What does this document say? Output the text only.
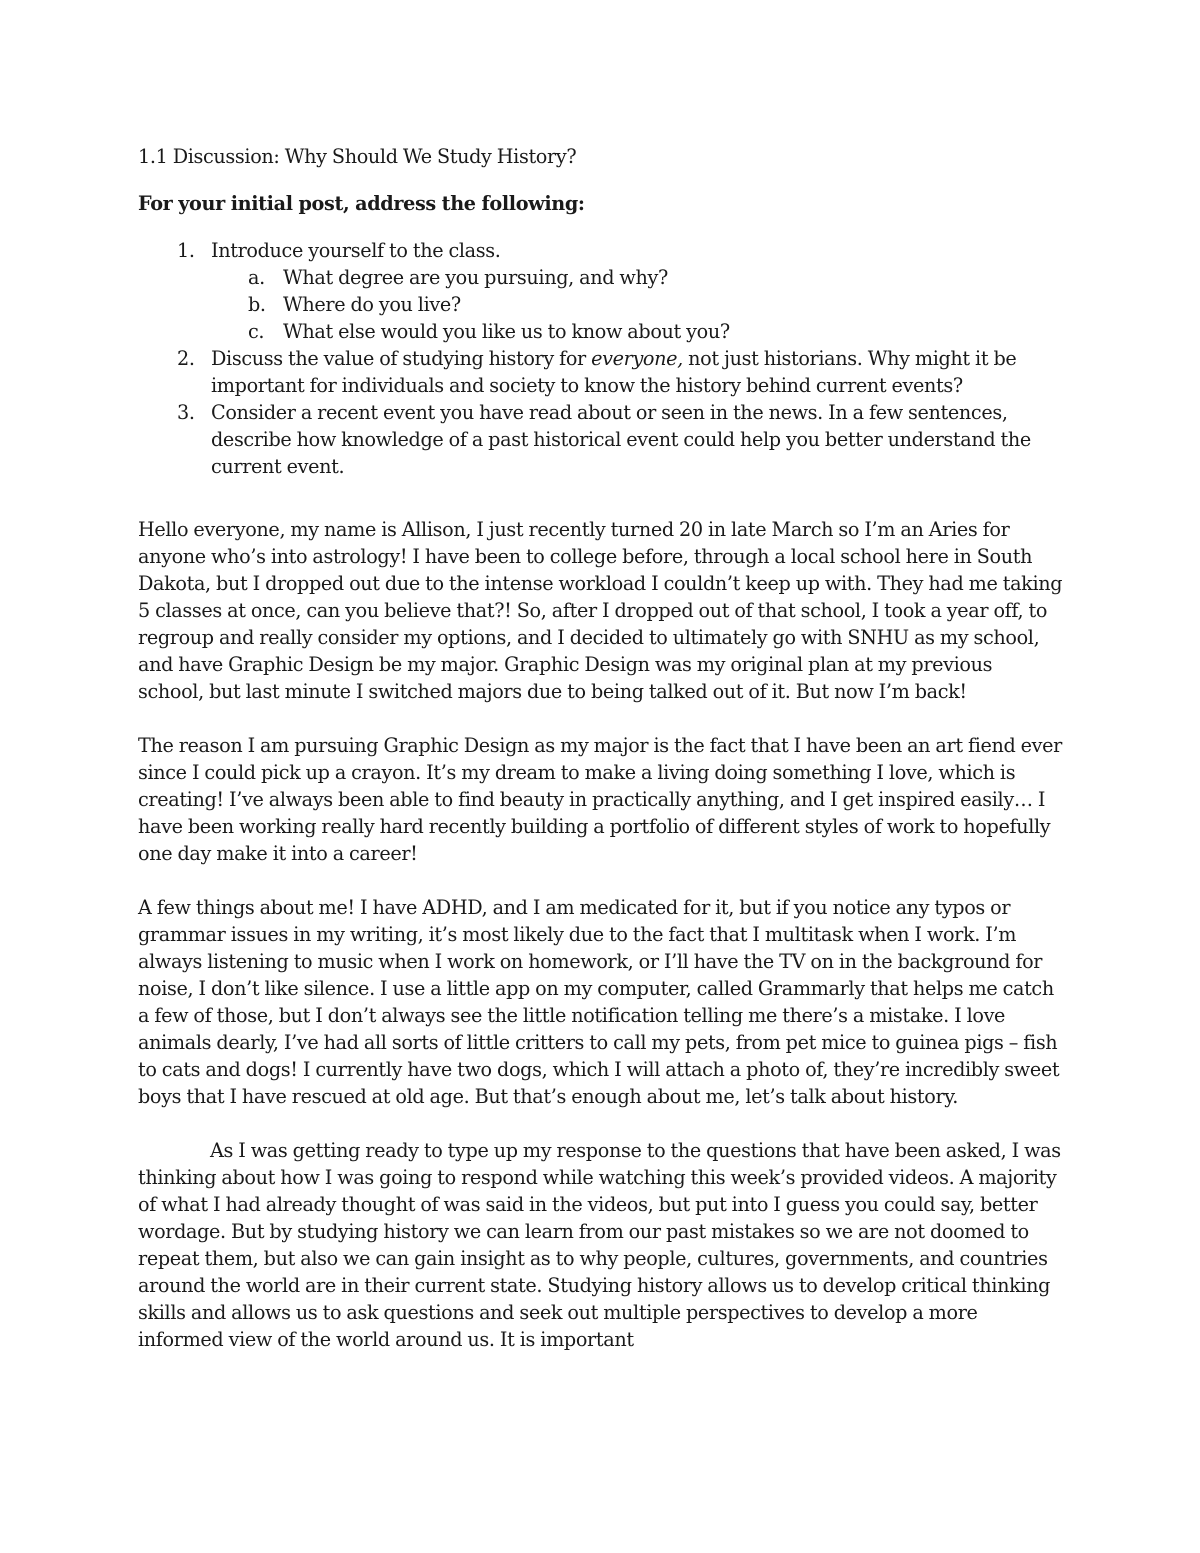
1.1 Discussion: Why Should We Study History?

For your initial post, address the following:

1. Introduce yourself to the class.
a. What degree are you pursuing, and why?
b. Where do you live?
c. What else would you like us to know about you?
2. Discuss the value of studying history for everyone, not just historians. Why might it be important for individuals and society to know the history behind current events?
3. Consider a recent event you have read about or seen in the news. In a few sentences, describe how knowledge of a past historical event could help you better understand the current event.

Hello everyone, my name is Allison, I just recently turned 20 in late March so I’m an Aries for anyone who’s into astrology! I have been to college before, through a local school here in South Dakota, but I dropped out due to the intense workload I couldn’t keep up with. They had me taking 5 classes at once, can you believe that?! So, after I dropped out of that school, I took a year off, to regroup and really consider my options, and I decided to ultimately go with SNHU as my school, and have Graphic Design be my major. Graphic Design was my original plan at my previous school, but last minute I switched majors due to being talked out of it. But now I’m back!

The reason I am pursuing Graphic Design as my major is the fact that I have been an art fiend ever since I could pick up a crayon. It’s my dream to make a living doing something I love, which is creating! I’ve always been able to find beauty in practically anything, and I get inspired easily… I have been working really hard recently building a portfolio of different styles of work to hopefully one day make it into a career!

A few things about me! I have ADHD, and I am medicated for it, but if you notice any typos or grammar issues in my writing, it’s most likely due to the fact that I multitask when I work. I’m always listening to music when I work on homework, or I’ll have the TV on in the background for noise, I don’t like silence. I use a little app on my computer, called Grammarly that helps me catch a few of those, but I don’t always see the little notification telling me there’s a mistake. I love animals dearly, I’ve had all sorts of little critters to call my pets, from pet mice to guinea pigs – fish to cats and dogs! I currently have two dogs, which I will attach a photo of, they’re incredibly sweet boys that I have rescued at old age. But that’s enough about me, let’s talk about history.

As I was getting ready to type up my response to the questions that have been asked, I was thinking about how I was going to respond while watching this week’s provided videos. A majority of what I had already thought of was said in the videos, but put into I guess you could say, better wordage. But by studying history we can learn from our past mistakes so we are not doomed to repeat them, but also we can gain insight as to why people, cultures, governments, and countries around the world are in their current state. Studying history allows us to develop critical thinking skills and allows us to ask questions and seek out multiple perspectives to develop a more informed view of the world around us. It is important
